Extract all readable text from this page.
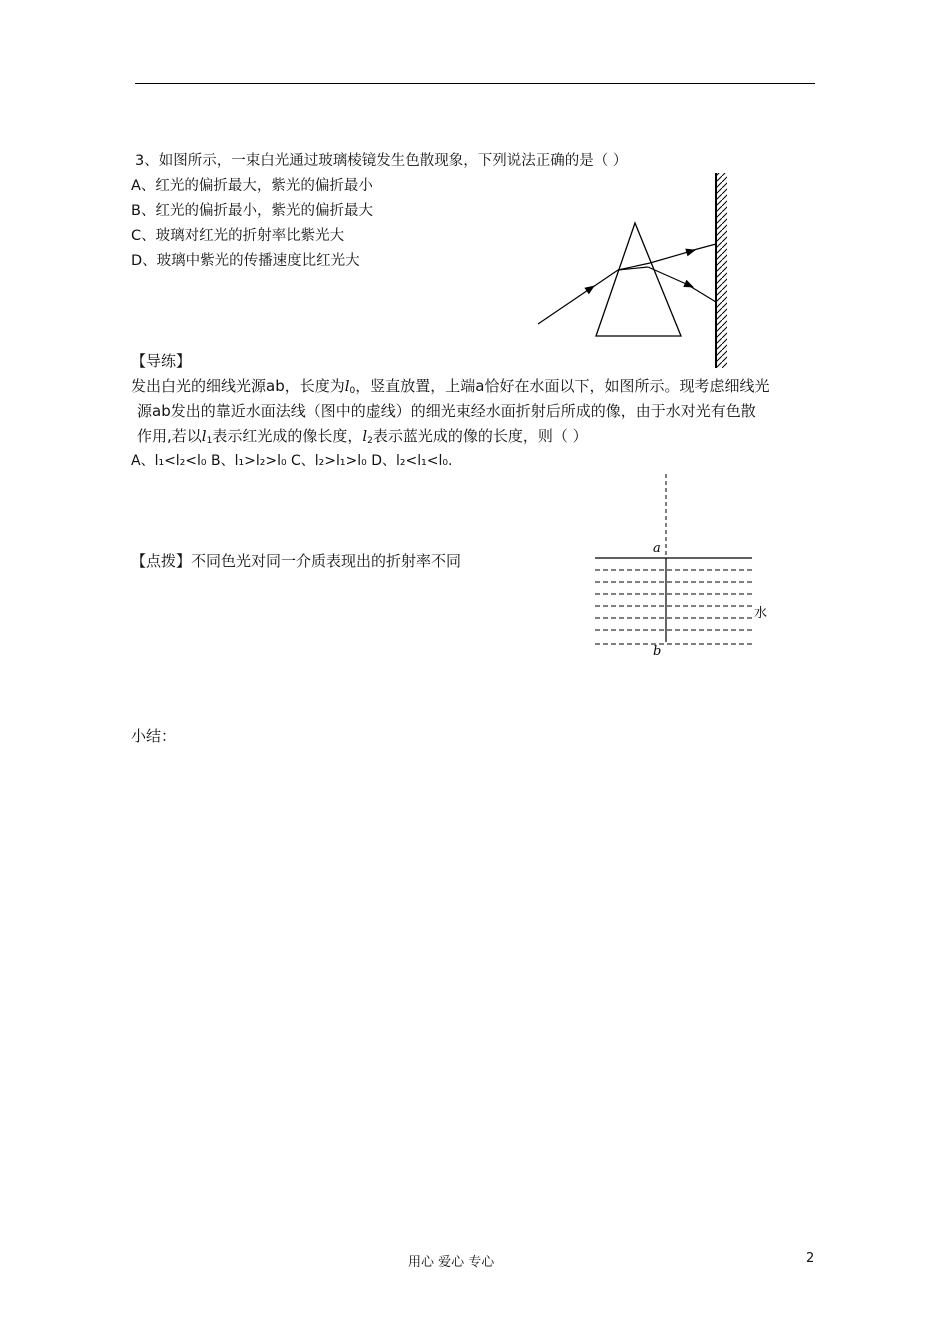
3、如图所示，一束白光通过玻璃棱镜发生色散现象，下列说法正确的是（ ）
A、红光的偏折最大，紫光的偏折最小
B、红光的偏折最小，紫光的偏折最大
C、玻璃对红光的折射率比紫光大
D、玻璃中紫光的传播速度比红光大
【导练】
发出白光的细线光源ab，长度为$l_0$，竖直放置，上端a恰好在水面以下，如图所示。现考虑细线光
源ab发出的靠近水面法线（图中的虚线）的细光束经水面折射后所成的像，由于水对光有色散
作用,若以$l_1$表示红光成的像长度，$l_2$表示蓝光成的像的长度，则（ ）
A、l₁<l₂<l₀ B、l₁>l₂>l₀ C、l₂>l₁>l₀ D、l₂<l₁<l₀.
a
b
水
【点拨】不同色光对同一介质表现出的折射率不同
小结：
用心 爱心 专心	2
